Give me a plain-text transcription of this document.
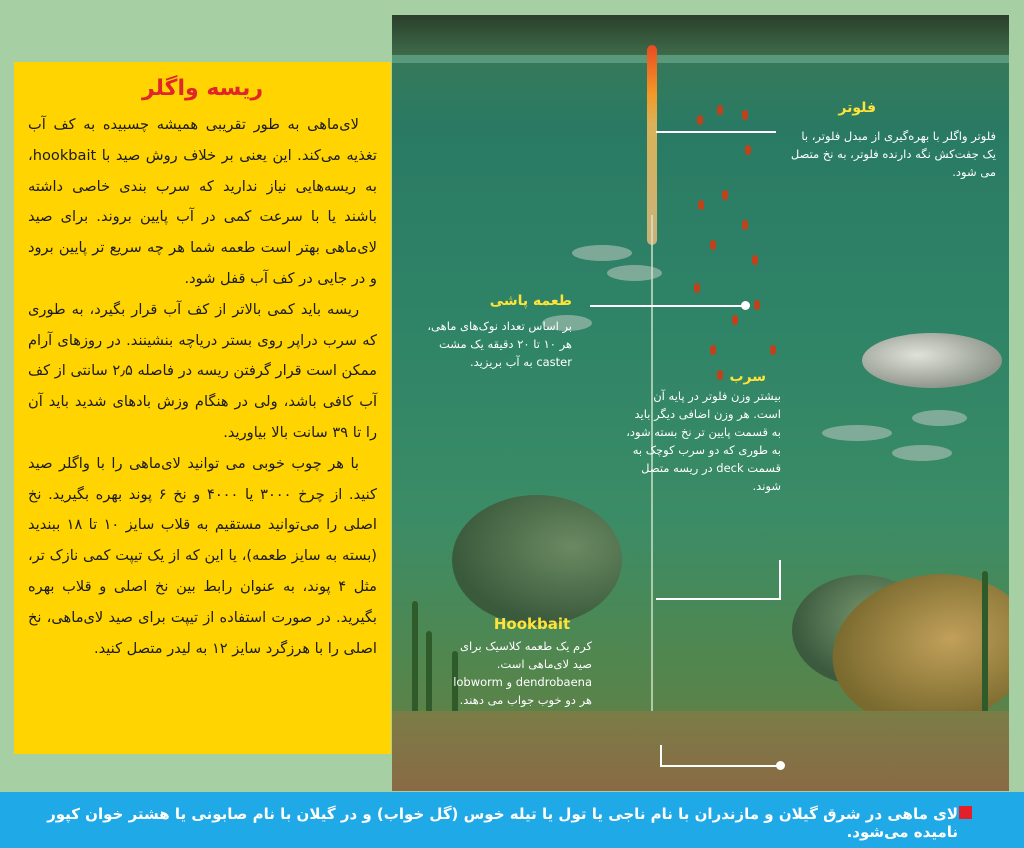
ریسه واگلر

لای‌ماهی به طور تقریبی همیشه چسبیده به کف آب تغذیه می‌کند. این یعنی بر خلاف روش صید با hookbait، به ریسه‌هایی نیاز ندارید که سرب بندی خاصی داشته باشند یا با سرعت کمی در آب پایین بروند. برای صید لای‌ماهی بهتر است طعمه شما هر چه سریع تر پایین برود و در جایی در کف آب قفل شود.

ریسه باید کمی بالاتر از کف آب قرار بگیرد، به طوری که سرب دراپر روی بستر دریاچه بنشینند. در روزهای آرام ممکن است قرار گرفتن ریسه در فاصله ۲٫۵ سانتی از کف آب کافی باشد، ولی در هنگام وزش بادهای شدید باید آن را تا ۳۹ سانت بالا بیاورید.

با هر چوب خوبی می توانید لای‌ماهی را با واگلر صید کنید. از چرخ ۳۰۰۰ یا ۴۰۰۰ و نخ ۶ پوند بهره بگیرید. نخ اصلی را می‌توانید مستقیم به قلاب سایز ۱۰ تا ۱۸ ببندید (بسته به سایز طعمه)، یا این که از یک تیپت کمی نازک تر، مثل ۴ پوند، به عنوان رابط بین نخ اصلی و قلاب بهره بگیرید. در صورت استفاده از تیپت برای صید لای‌ماهی، نخ اصلی را با هرزگرد سایز ۱۲ به لیدر متصل کنید.

فلوتر
فلوتر واگلر با بهره‌گیری از مبدل فلوتر، با یک جفت‌کش نگه دارنده فلوتر، به نخ متصل می شود.
طعمه پاشی
بر اساس تعداد نوک‌های ماهی، هر ۱۰ تا ۲۰ دقیقه یک مشت caster به آب بریزید.
سرب
بیشتر وزن فلوتر در پایه آن است. هر وزن اضافی دیگر باید به قسمت پایین تر نخ بسته شود، به طوری که دو سرب کوچک به قسمت deck در ریسه متصل شوند.
Hookbait
کرم یک طعمه کلاسیک برای صید لای‌ماهی است. dendrobaena و lobworm هر دو خوب جواب می دهند.
لای ماهی در شرق گیلان و مازندران با نام ناجی یا تول یا تیله خوس (گل خواب) و در گیلان با نام صابونی یا هشتر خوان کپور نامیده می‌شود.
